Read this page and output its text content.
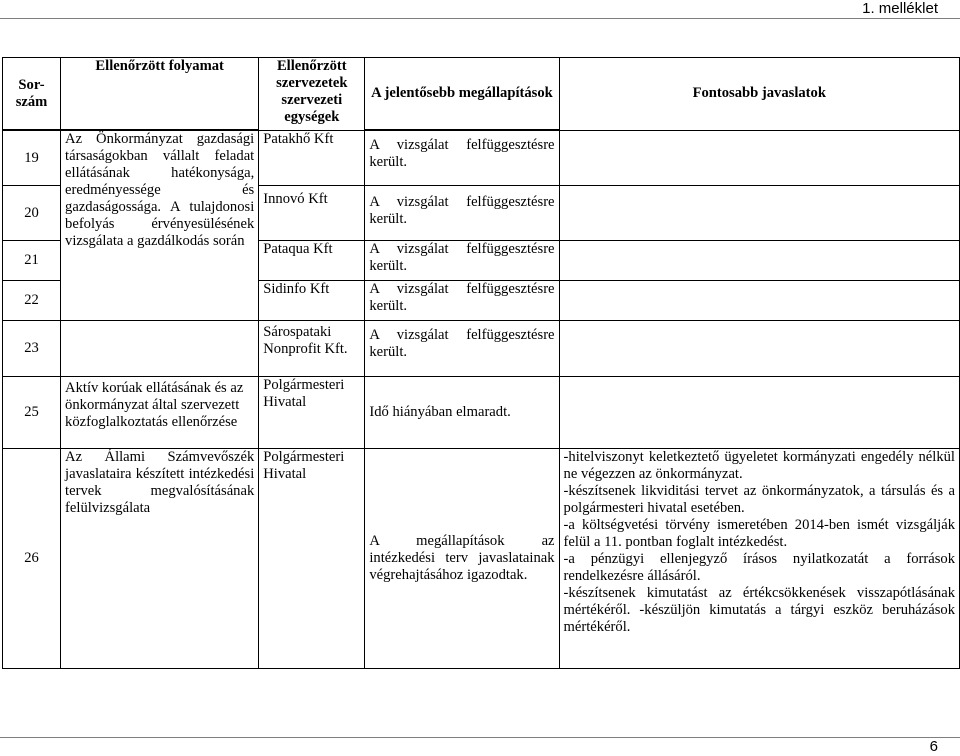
1. melléklet
Sor-szám	Ellenőrzött folyamat	Ellenőrzött szervezetek szervezeti egységek	A jelentősebb megállapítások	Fontosabb javaslatok

19	Az Önkormányzat gazdasági társaságokban vállalt feladat ellátásának hatékonysága, eredményessége és gazdaságossága. A tulajdonosi befolyás érvényesülésének vizsgálata a gazdálkodás során	Patakhő Kft	A vizsgálat felfüggesztésre került.	
20		Innovó Kft	A vizsgálat felfüggesztésre került.	
21		Pataqua Kft	A vizsgálat felfüggesztésre került.	
22		Sidinfo Kft	A vizsgálat felfüggesztésre került.	
23		Sárospataki Nonprofit Kft.	A vizsgálat felfüggesztésre került.	
25	Aktív korúak ellátásának és az önkormányzat által szervezett közfoglalkoztatás ellenőrzése	Polgármesteri Hivatal	Idő hiányában elmaradt.	
26	Az Állami Számvevőszék javaslataira készített intézkedési tervek megvalósításának felülvizsgálata	Polgármesteri Hivatal	A megállapítások az intézkedési terv javaslatainak végrehajtásához igazodtak.	-hitelviszonyt keletkeztető ügyeletet kormányzati engedély nélkül ne végezzen az önkormányzat.
-készítsenek likviditási tervet az önkormányzatok, a társulás és a polgármesteri hivatal esetében.
-a költségvetési törvény ismeretében 2014-ben ismét vizsgálják felül a 11. pontban foglalt intézkedést.
-a pénzügyi ellenjegyző írásos nyilatkozatát a források rendelkezésre állásáról.
-készítsenek kimutatást az értékcsökkenések visszapótlásának mértékéről. -készüljön kimutatás a tárgyi eszköz beruházások mértékéről.
6
